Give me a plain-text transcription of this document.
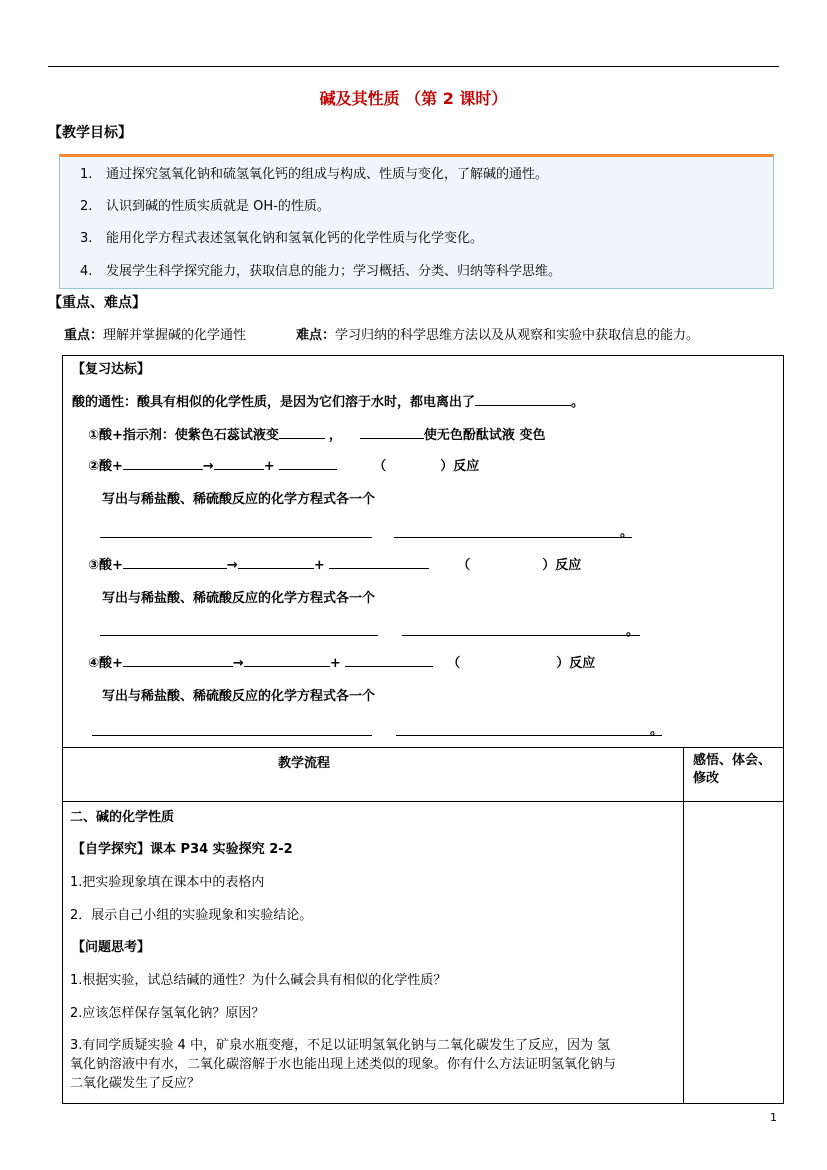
碱及其性质 （第 2 课时）
【教学目标】
1. 通过探究氢氧化钠和硫氢氧化钙的组成与构成、性质与变化，了解碱的通性。
2. 认识到碱的性质实质就是 OH-的性质。
3. 能用化学方程式表述氢氧化钠和氢氧化钙的化学性质与化学变化。
4. 发展学生科学探究能力，获取信息的能力；学习概括、分类、归纳等科学思维。
【重点、难点】
重点：理解并掌握碱的化学通性	难点：学习归纳的科学思维方法以及从观察和实验中获取信息的能力。
【复习达标】
酸的通性：酸具有相似的化学性质，是因为它们溶于水时，都电离出了	。
①酸+指示剂：使紫色石蕊试液变	，	使无色酚酞试液 变色
②酸+	→	+	（	）反应
写出与稀盐酸、稀硫酸反应的化学方程式各一个
。
③酸+	→	+	（	）反应
写出与稀盐酸、稀硫酸反应的化学方程式各一个
。
④酸+	→	+	（	）反应
写出与稀盐酸、稀硫酸反应的化学方程式各一个
。
教学流程	感悟、体会、修改
二、碱的化学性质
【自学探究】课本 P34 实验探究 2-2
1.把实验现象填在课本中的表格内
2．展示自己小组的实验现象和实验结论。
【问题思考】
1.根据实验，试总结碱的通性？为什么碱会具有相似的化学性质？
2.应该怎样保存氢氧化钠？原因？
3.有同学质疑实验 4 中，矿泉水瓶变瘪，不足以证明氢氧化钠与二氧化碳发生了反应，因为 氢
氧化钠溶液中有水，二氧化碳溶解于水也能出现上述类似的现象。你有什么方法证明氢氧化钠与
二氧化碳发生了反应？
1
